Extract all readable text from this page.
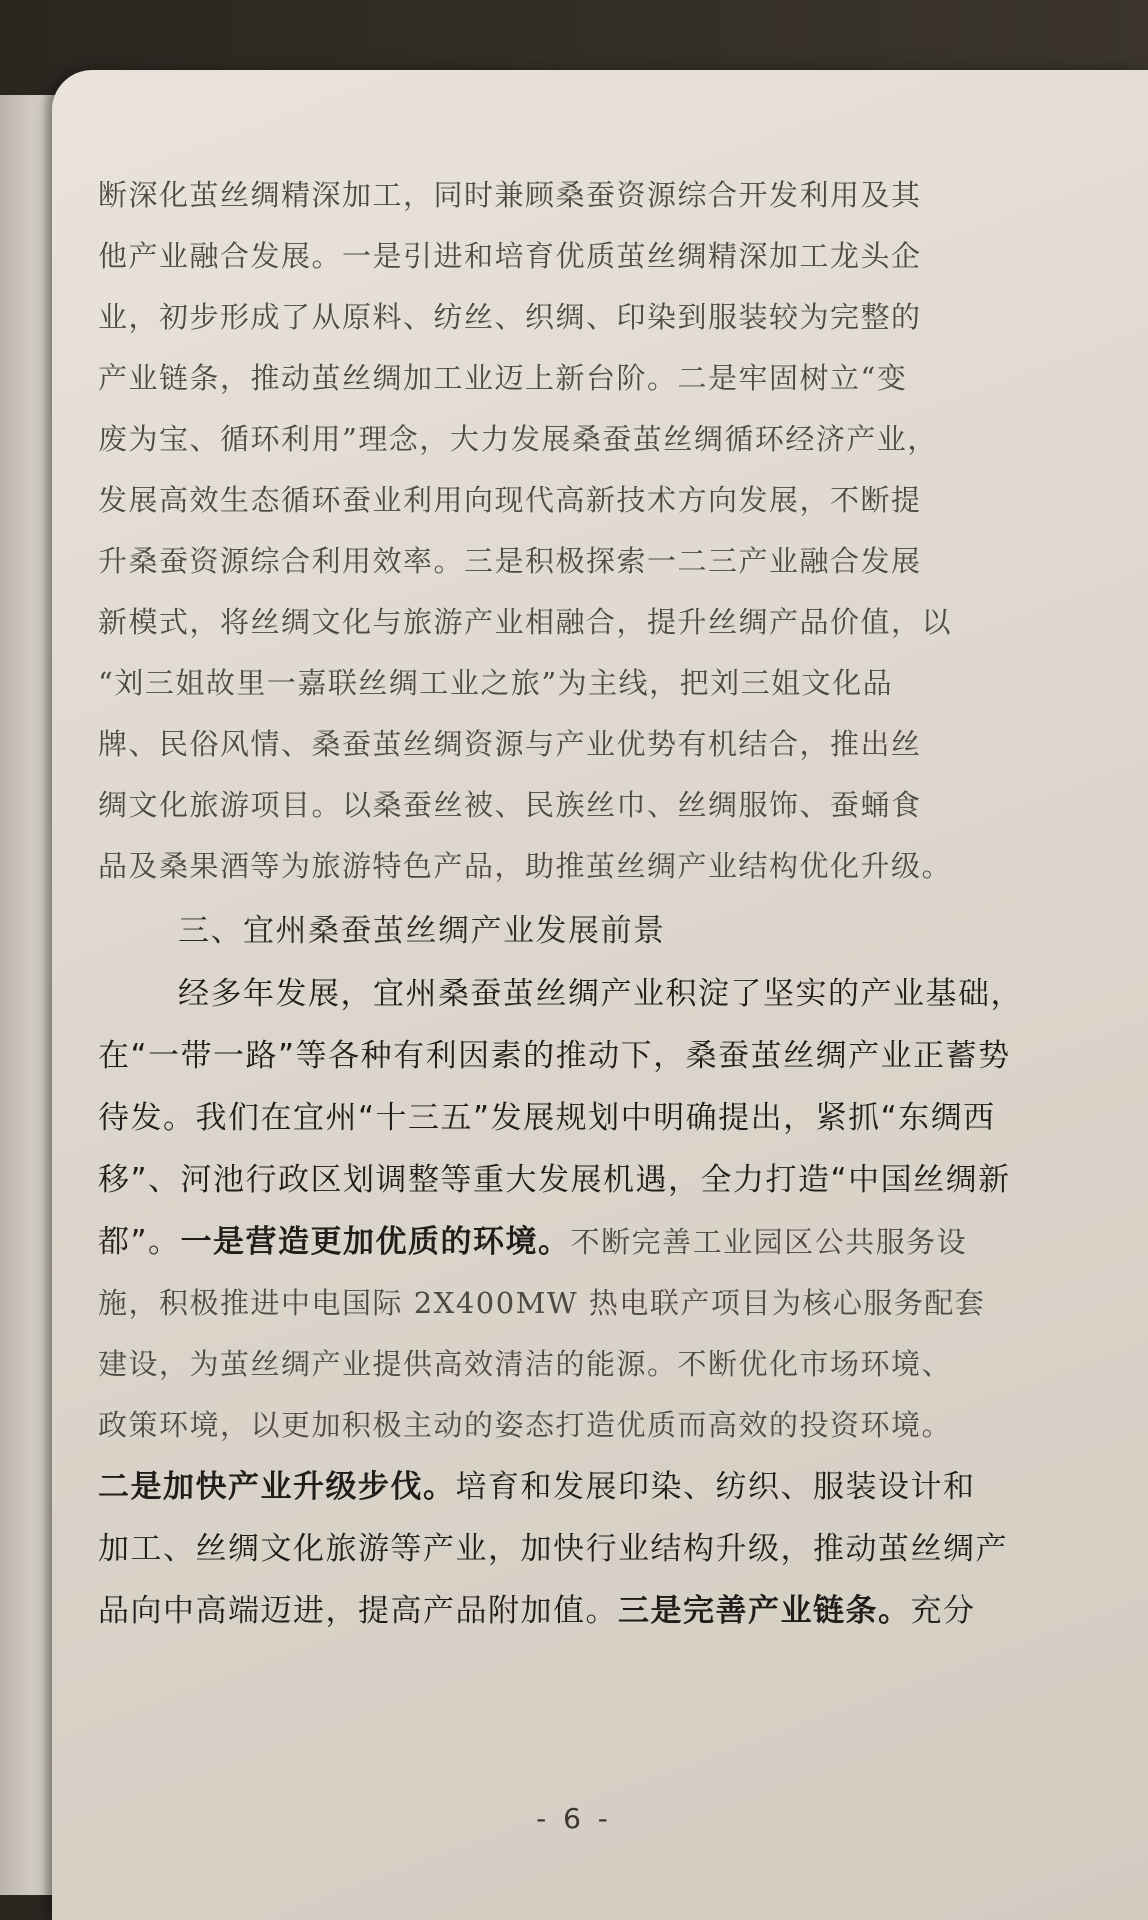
断深化茧丝绸精深加工，同时兼顾桑蚕资源综合开发利用及其
他产业融合发展。一是引进和培育优质茧丝绸精深加工龙头企
业，初步形成了从原料、纺丝、织绸、印染到服装较为完整的
产业链条，推动茧丝绸加工业迈上新台阶。二是牢固树立“变
废为宝、循环利用”理念，大力发展桑蚕茧丝绸循环经济产业，
发展高效生态循环蚕业利用向现代高新技术方向发展，不断提
升桑蚕资源综合利用效率。三是积极探索一二三产业融合发展
新模式，将丝绸文化与旅游产业相融合，提升丝绸产品价值，以
“刘三姐故里一嘉联丝绸工业之旅”为主线，把刘三姐文化品
牌、民俗风情、桑蚕茧丝绸资源与产业优势有机结合，推出丝
绸文化旅游项目。以桑蚕丝被、民族丝巾、丝绸服饰、蚕蛹食
品及桑果酒等为旅游特色产品，助推茧丝绸产业结构优化升级。
三、宜州桑蚕茧丝绸产业发展前景
经多年发展，宜州桑蚕茧丝绸产业积淀了坚实的产业基础，
在“一带一路”等各种有利因素的推动下，桑蚕茧丝绸产业正蓄势
待发。我们在宜州“十三五”发展规划中明确提出，紧抓“东绸西
移”、河池行政区划调整等重大发展机遇，全力打造“中国丝绸新
都”。一是营造更加优质的环境。不断完善工业园区公共服务设
施，积极推进中电国际 2X400MW 热电联产项目为核心服务配套
建设，为茧丝绸产业提供高效清洁的能源。不断优化市场环境、
政策环境，以更加积极主动的姿态打造优质而高效的投资环境。
二是加快产业升级步伐。培育和发展印染、纺织、服装设计和
加工、丝绸文化旅游等产业，加快行业结构升级，推动茧丝绸产
品向中高端迈进，提高产品附加值。三是完善产业链条。充分
- 6 -
